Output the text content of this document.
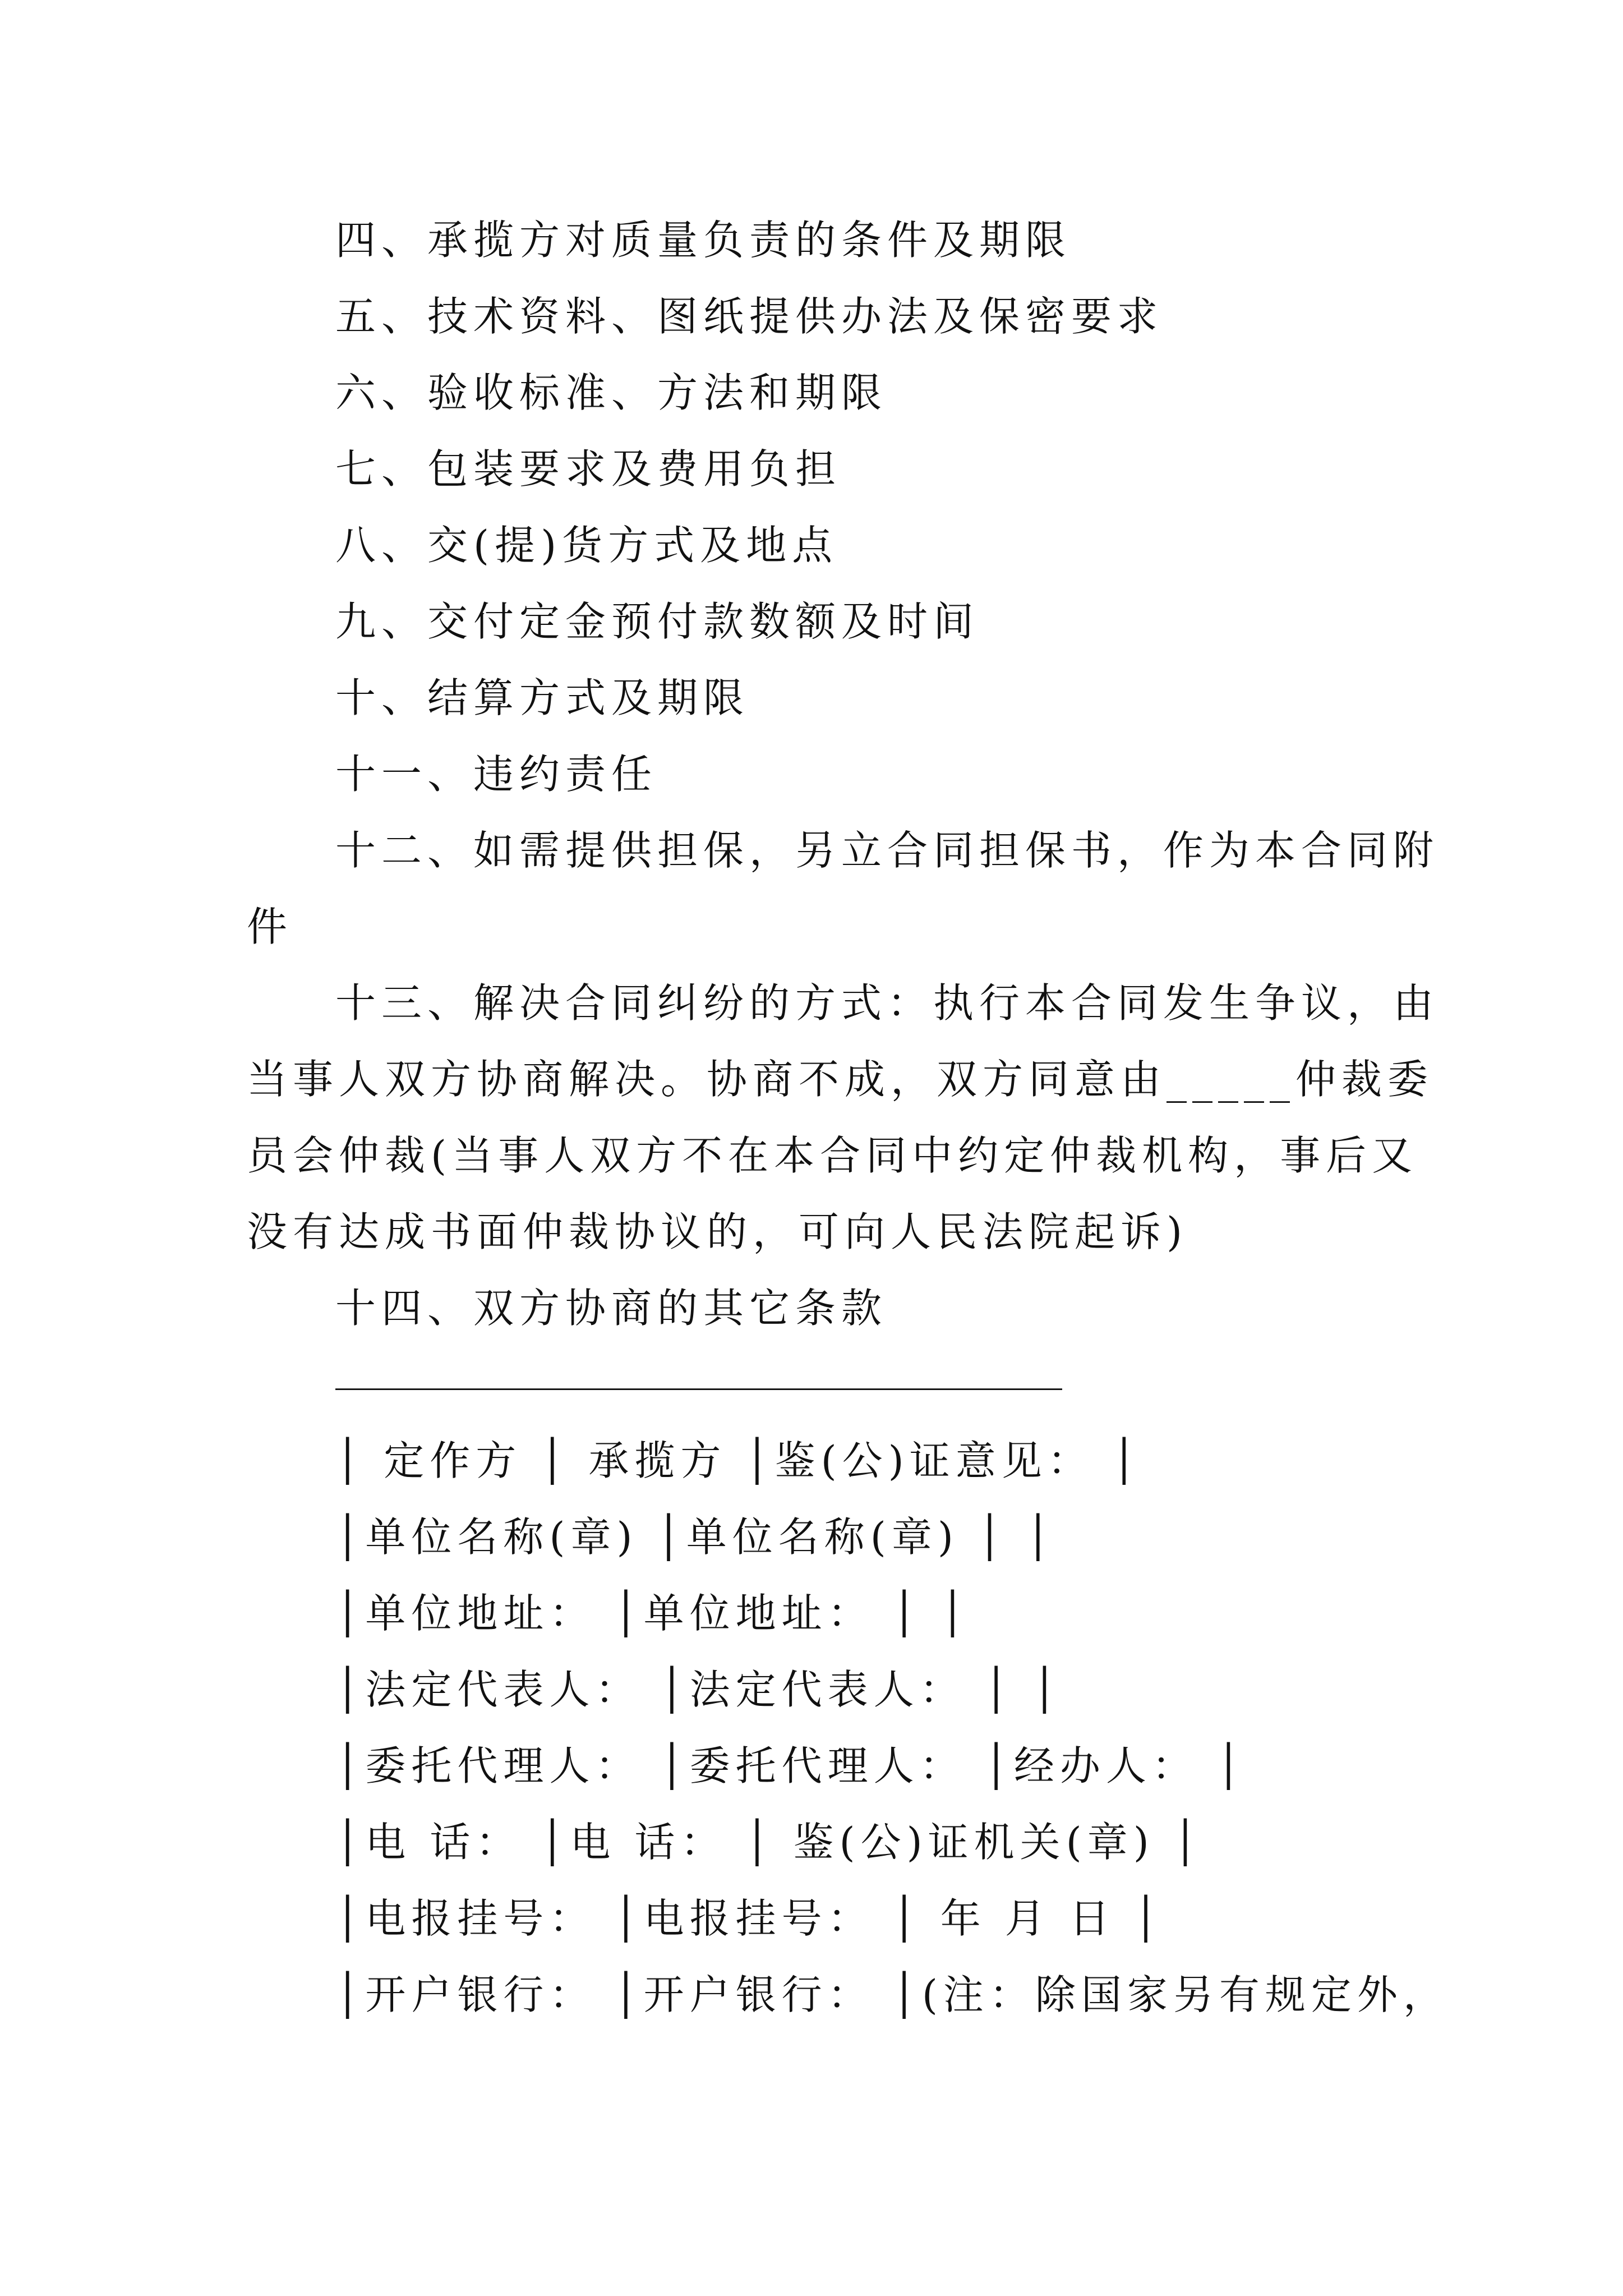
四、承揽方对质量负责的条件及期限
五、技术资料、图纸提供办法及保密要求
六、验收标准、方法和期限
七、包装要求及费用负担
八、交(提)货方式及地点
九、交付定金预付款数额及时间
十、结算方式及期限
十一、违约责任
十二、如需提供担保，另立合同担保书，作为本合同附
件
十三、解决合同纠纷的方式：执行本合同发生争议，由
当事人双方协商解决。协商不成，双方同意由_____仲裁委
员会仲裁(当事人双方不在本合同中约定仲裁机构，事后又
没有达成书面仲裁协议的，可向人民法院起诉)
十四、双方协商的其它条款
____________________________________
│ 定作方 │ 承揽方 │鉴(公)证意见： │
│单位名称(章) │单位名称(章) │ │
│单位地址： │单位地址： │ │
│法定代表人： │法定代表人： │ │
│委托代理人： │委托代理人： │经办人： │
│电 话： │电 话： │ 鉴(公)证机关(章) │
│电报挂号： │电报挂号： │ 年 月 日 │
│开户银行： │开户银行： │(注：除国家另有规定外，
